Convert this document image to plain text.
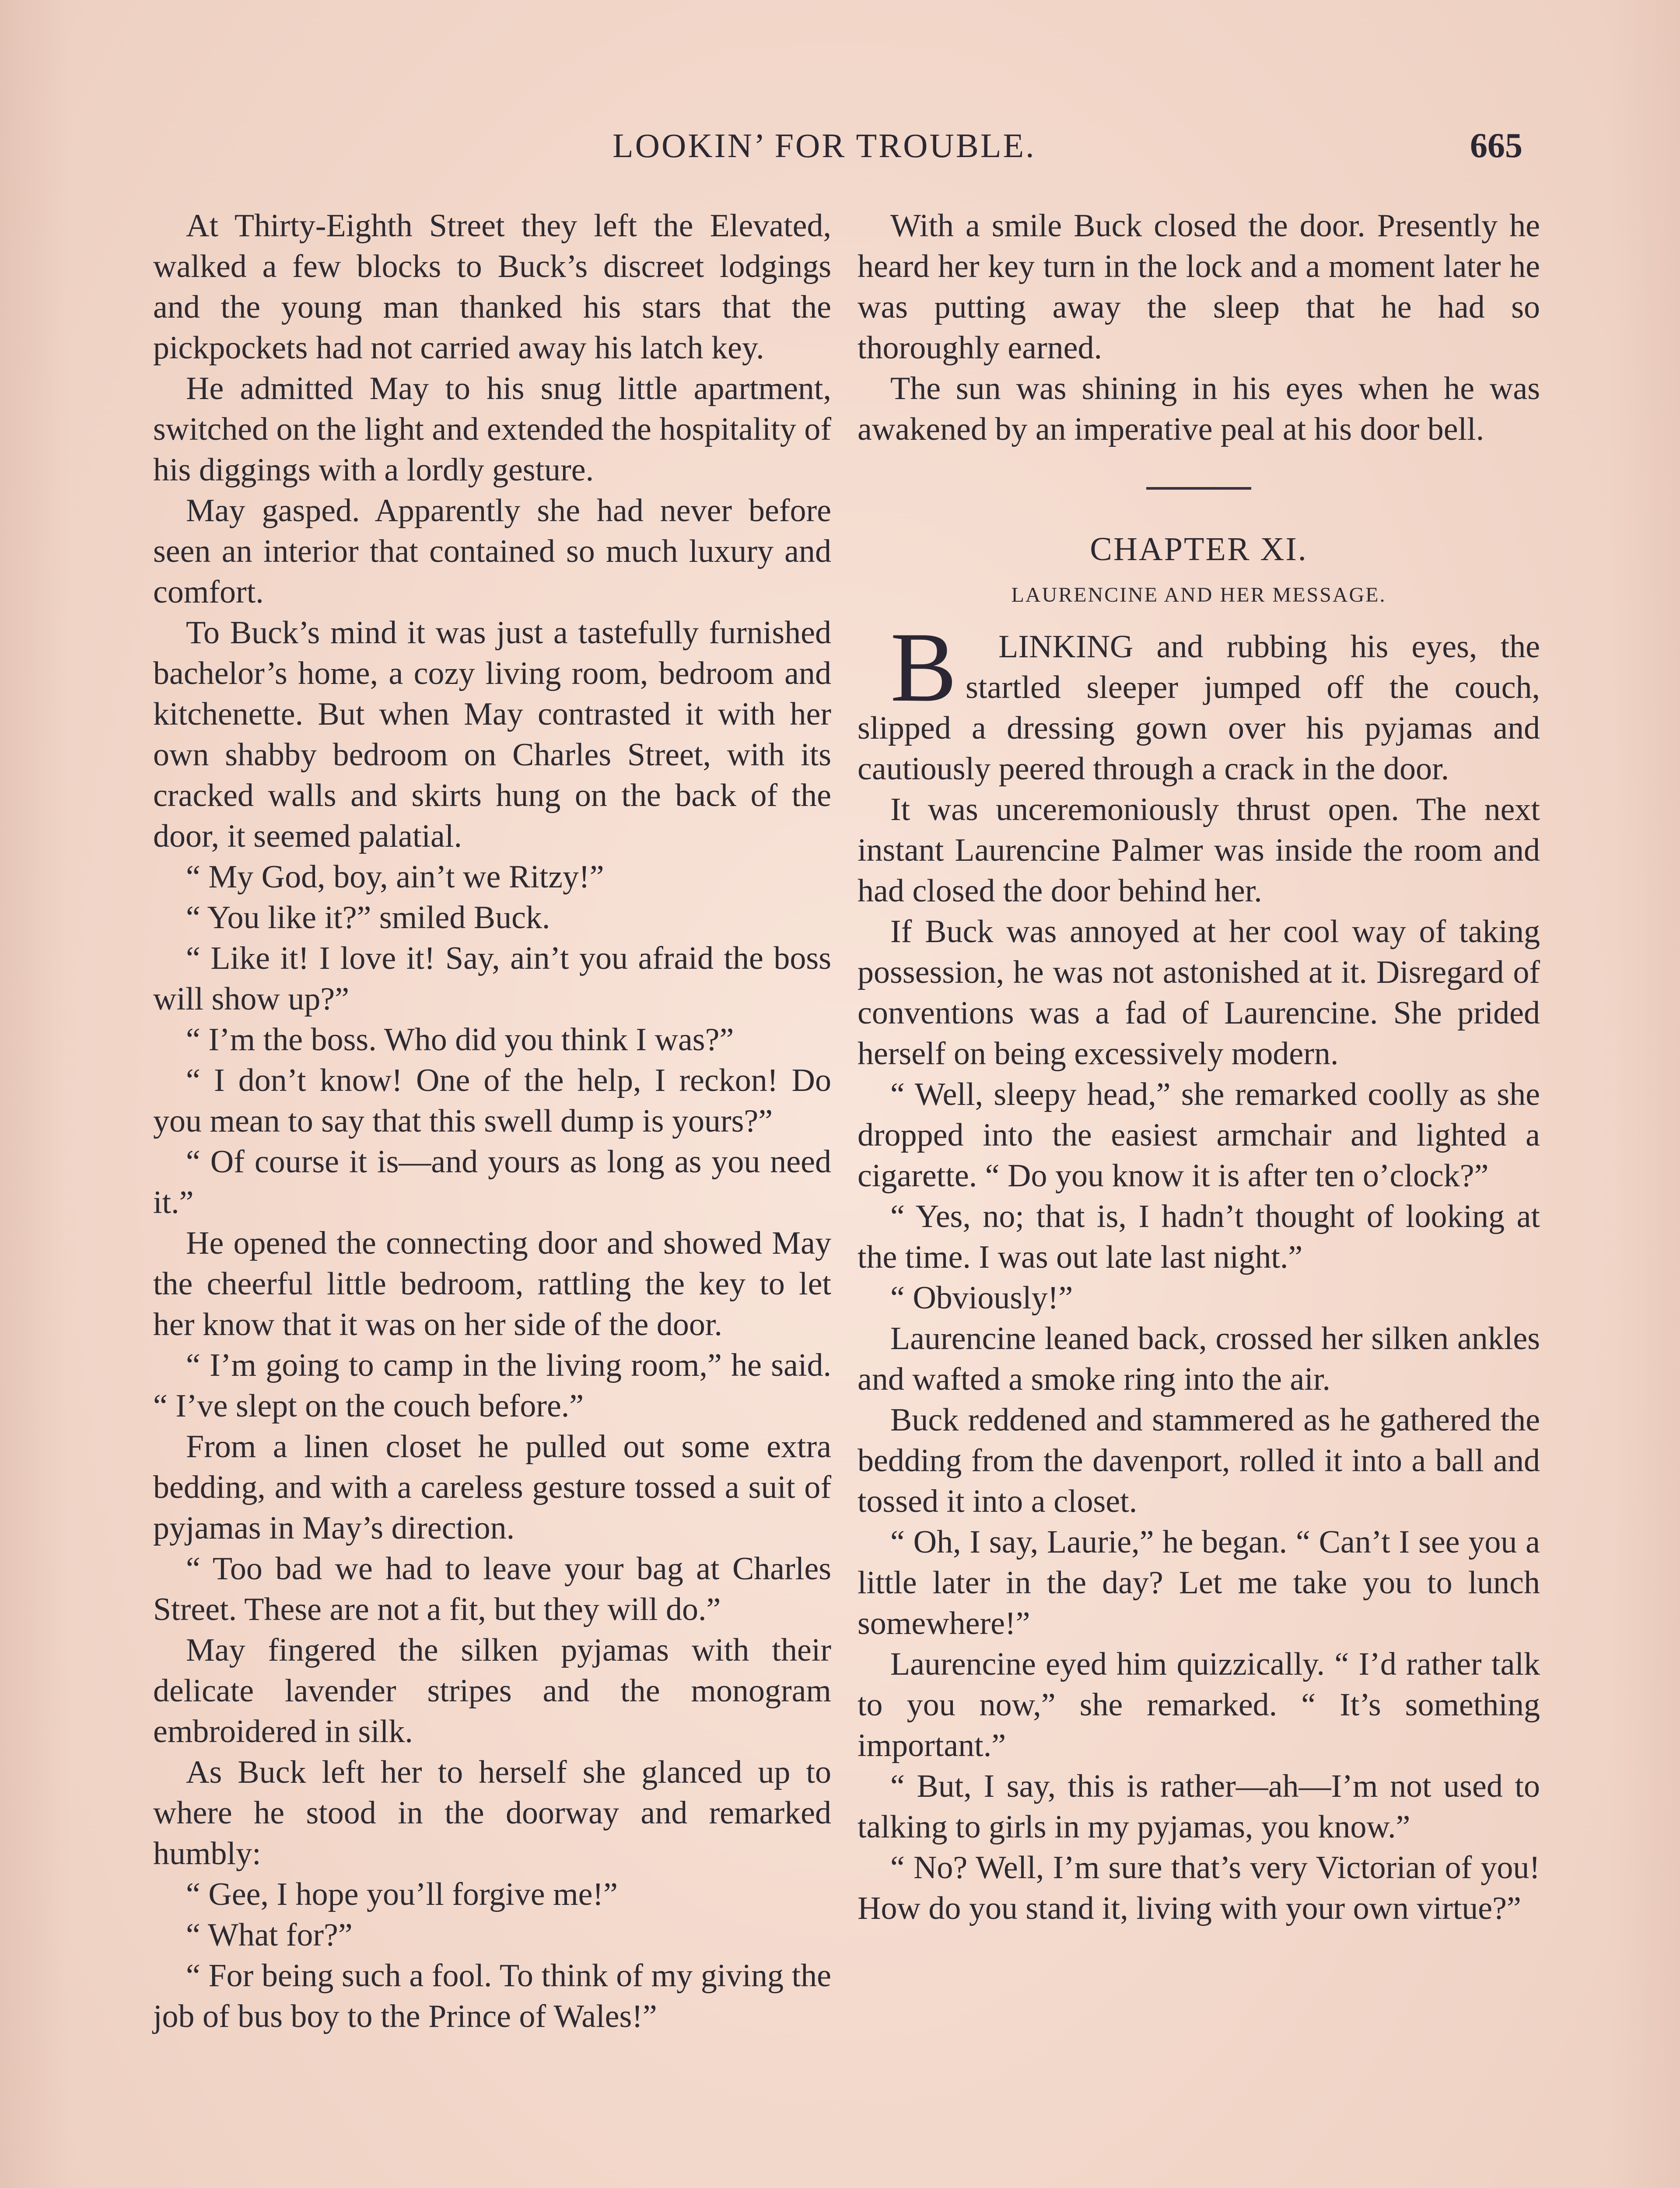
LOOKIN’ FOR TROUBLE.	665

At Thirty-Eighth Street they left the Elevated, walked a few blocks to Buck’s discreet lodgings and the young man thanked his stars that the pickpockets had not carried away his latch key.

He admitted May to his snug little apartment, switched on the light and extended the hospitality of his diggings with a lordly gesture.

May gasped. Apparently she had never before seen an interior that contained so much luxury and comfort.

To Buck’s mind it was just a tastefully furnished bachelor’s home, a cozy living room, bedroom and kitchenette. But when May contrasted it with her own shabby bedroom on Charles Street, with its cracked walls and skirts hung on the back of the door, it seemed palatial.

“ My God, boy, ain’t we Ritzy!”

“ You like it?” smiled Buck.

“ Like it! I love it! Say, ain’t you afraid the boss will show up?”

“ I’m the boss. Who did you think I was?”

“ I don’t know! One of the help, I reckon! Do you mean to say that this swell dump is yours?”

“ Of course it is—and yours as long as you need it.”

He opened the connecting door and showed May the cheerful little bedroom, rattling the key to let her know that it was on her side of the door.

“ I’m going to camp in the living room,” he said. “ I’ve slept on the couch before.”

From a linen closet he pulled out some extra bedding, and with a careless gesture tossed a suit of pyjamas in May’s direction.

“ Too bad we had to leave your bag at Charles Street. These are not a fit, but they will do.”

May fingered the silken pyjamas with their delicate lavender stripes and the monogram embroidered in silk.

As Buck left her to herself she glanced up to where he stood in the doorway and remarked humbly:

“ Gee, I hope you’ll forgive me!”

“ What for?”

“ For being such a fool. To think of my giving the job of bus boy to the Prince of Wales!”

With a smile Buck closed the door. Presently he heard her key turn in the lock and a moment later he was putting away the sleep that he had so thoroughly earned.

The sun was shining in his eyes when he was awakened by an imperative peal at his door bell.

CHAPTER XI.
LAURENCINE AND HER MESSAGE.

B LINKING and rubbing his eyes, the startled sleeper jumped off the couch, slipped a dressing gown over his pyjamas and cautiously peered through a crack in the door.

It was unceremoniously thrust open. The next instant Laurencine Palmer was inside the room and had closed the door behind her.

If Buck was annoyed at her cool way of taking possession, he was not astonished at it. Disregard of conventions was a fad of Laurencine. She prided herself on being excessively modern.

“ Well, sleepy head,” she remarked coolly as she dropped into the easiest armchair and lighted a cigarette. “ Do you know it is after ten o’clock?”

“ Yes, no; that is, I hadn’t thought of looking at the time. I was out late last night.”

“ Obviously!”

Laurencine leaned back, crossed her silken ankles and wafted a smoke ring into the air.

Buck reddened and stammered as he gathered the bedding from the davenport, rolled it into a ball and tossed it into a closet.

“ Oh, I say, Laurie,” he began. “ Can’t I see you a little later in the day? Let me take you to lunch somewhere!”

Laurencine eyed him quizzically. “ I’d rather talk to you now,” she remarked. “ It’s something important.”

“ But, I say, this is rather—ah—I’m not used to talking to girls in my pyjamas, you know.”

“ No? Well, I’m sure that’s very Victorian of you! How do you stand it, living with your own virtue?”
